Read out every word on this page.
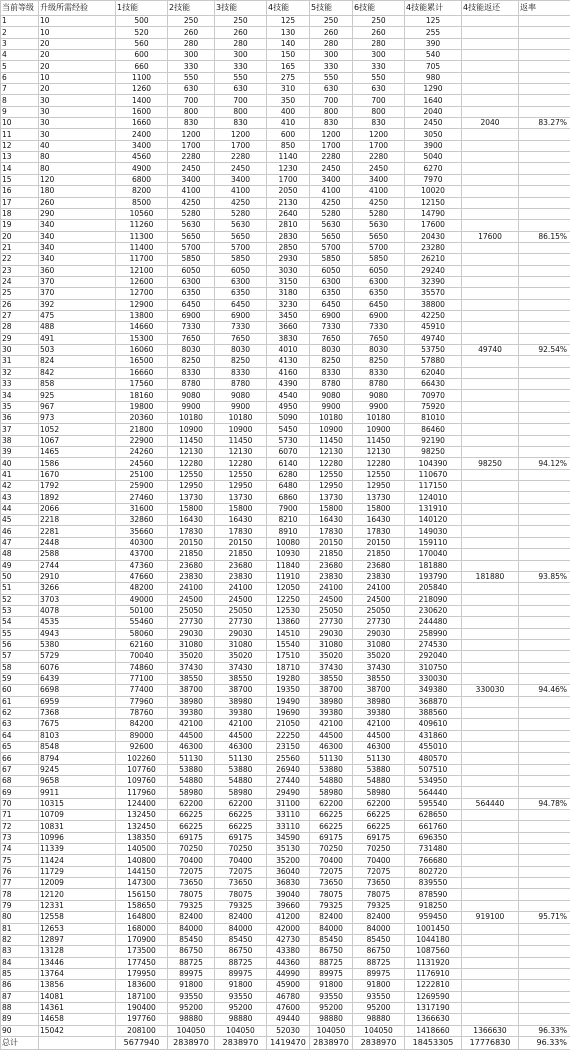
当前等级	升级所需经验	1技能	2技能	3技能	4技能	5技能	6技能	4技能累计	4技能返还	返率
1	10	500	250	250	125	250	250	125		
2	10	520	260	260	130	260	260	255		
3	20	560	280	280	140	280	280	390		
4	20	600	300	300	150	300	300	540		
5	20	660	330	330	165	330	330	705		
6	10	1100	550	550	275	550	550	980		
7	20	1260	630	630	310	630	630	1290		
8	30	1400	700	700	350	700	700	1640		
9	30	1600	800	800	400	800	800	2040		
10	30	1660	830	830	410	830	830	2450	2040	83.27%
11	30	2400	1200	1200	600	1200	1200	3050		
12	40	3400	1700	1700	850	1700	1700	3900		
13	80	4560	2280	2280	1140	2280	2280	5040		
14	80	4900	2450	2450	1230	2450	2450	6270		
15	120	6800	3400	3400	1700	3400	3400	7970		
16	180	8200	4100	4100	2050	4100	4100	10020		
17	260	8500	4250	4250	2130	4250	4250	12150		
18	290	10560	5280	5280	2640	5280	5280	14790		
19	340	11260	5630	5630	2810	5630	5630	17600		
20	340	11300	5650	5650	2830	5650	5650	20430	17600	86.15%
21	340	11400	5700	5700	2850	5700	5700	23280		
22	340	11700	5850	5850	2930	5850	5850	26210		
23	360	12100	6050	6050	3030	6050	6050	29240		
24	370	12600	6300	6300	3150	6300	6300	32390		
25	370	12700	6350	6350	3180	6350	6350	35570		
26	392	12900	6450	6450	3230	6450	6450	38800		
27	475	13800	6900	6900	3450	6900	6900	42250		
28	488	14660	7330	7330	3660	7330	7330	45910		
29	491	15300	7650	7650	3830	7650	7650	49740		
30	503	16060	8030	8030	4010	8030	8030	53750	49740	92.54%
31	824	16500	8250	8250	4130	8250	8250	57880		
32	842	16660	8330	8330	4160	8330	8330	62040		
33	858	17560	8780	8780	4390	8780	8780	66430		
34	925	18160	9080	9080	4540	9080	9080	70970		
35	967	19800	9900	9900	4950	9900	9900	75920		
36	973	20360	10180	10180	5090	10180	10180	81010		
37	1052	21800	10900	10900	5450	10900	10900	86460		
38	1067	22900	11450	11450	5730	11450	11450	92190		
39	1465	24260	12130	12130	6070	12130	12130	98250		
40	1586	24560	12280	12280	6140	12280	12280	104390	98250	94.12%
41	1670	25100	12550	12550	6280	12550	12550	110670		
42	1792	25900	12950	12950	6480	12950	12950	117150		
43	1892	27460	13730	13730	6860	13730	13730	124010		
44	2066	31600	15800	15800	7900	15800	15800	131910		
45	2218	32860	16430	16430	8210	16430	16430	140120		
46	2281	35660	17830	17830	8910	17830	17830	149030		
47	2448	40300	20150	20150	10080	20150	20150	159110		
48	2588	43700	21850	21850	10930	21850	21850	170040		
49	2744	47360	23680	23680	11840	23680	23680	181880		
50	2910	47660	23830	23830	11910	23830	23830	193790	181880	93.85%
51	3266	48200	24100	24100	12050	24100	24100	205840		
52	3703	49000	24500	24500	12250	24500	24500	218090		
53	4078	50100	25050	25050	12530	25050	25050	230620		
54	4535	55460	27730	27730	13860	27730	27730	244480		
55	4943	58060	29030	29030	14510	29030	29030	258990		
56	5380	62160	31080	31080	15540	31080	31080	274530		
57	5729	70040	35020	35020	17510	35020	35020	292040		
58	6076	74860	37430	37430	18710	37430	37430	310750		
59	6439	77100	38550	38550	19280	38550	38550	330030		
60	6698	77400	38700	38700	19350	38700	38700	349380	330030	94.46%
61	6959	77960	38980	38980	19490	38980	38980	368870		
62	7368	78760	39380	39380	19690	39380	39380	388560		
63	7675	84200	42100	42100	21050	42100	42100	409610		
64	8103	89000	44500	44500	22250	44500	44500	431860		
65	8548	92600	46300	46300	23150	46300	46300	455010		
66	8794	102260	51130	51130	25560	51130	51130	480570		
67	9245	107760	53880	53880	26940	53880	53880	507510		
68	9658	109760	54880	54880	27440	54880	54880	534950		
69	9911	117960	58980	58980	29490	58980	58980	564440		
70	10315	124400	62200	62200	31100	62200	62200	595540	564440	94.78%
71	10709	132450	66225	66225	33110	66225	66225	628650		
72	10831	132450	66225	66225	33110	66225	66225	661760		
73	10996	138350	69175	69175	34590	69175	69175	696350		
74	11339	140500	70250	70250	35130	70250	70250	731480		
75	11424	140800	70400	70400	35200	70400	70400	766680		
76	11729	144150	72075	72075	36040	72075	72075	802720		
77	12009	147300	73650	73650	36830	73650	73650	839550		
78	12120	156150	78075	78075	39040	78075	78075	878590		
79	12331	158650	79325	79325	39660	79325	79325	918250		
80	12558	164800	82400	82400	41200	82400	82400	959450	919100	95.71%
81	12653	168000	84000	84000	42000	84000	84000	1001450		
82	12897	170900	85450	85450	42730	85450	85450	1044180		
83	13128	173500	86750	86750	43380	86750	86750	1087560		
84	13446	177450	88725	88725	44360	88725	88725	1131920		
85	13764	179950	89975	89975	44990	89975	89975	1176910		
86	13856	183600	91800	91800	45900	91800	91800	1222810		
87	14081	187100	93550	93550	46780	93550	93550	1269590		
88	14361	190400	95200	95200	47600	95200	95200	1317190		
89	14658	197760	98880	98880	49440	98880	98880	1366630		
90	15042	208100	104050	104050	52030	104050	104050	1418660	1366630	96.33%
总计		5677940	2838970	2838970	1419470	2838970	2838970	18453305	17776830	96.33%
